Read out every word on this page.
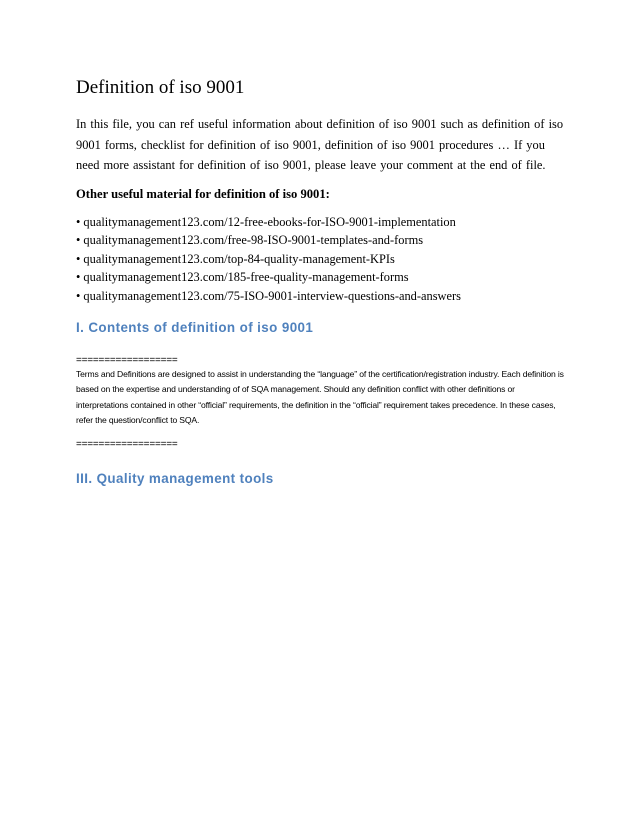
Definition of iso 9001

In this file, you can ref useful information about definition of iso 9001 such as definition of iso 9001 forms, checklist for definition of iso 9001, definition of iso 9001 procedures … If you need more assistant for definition of iso 9001, please leave your comment at the end of file.

Other useful material for definition of iso 9001:

• qualitymanagement123.com/12-free-ebooks-for-ISO-9001-implementation
• qualitymanagement123.com/free-98-ISO-9001-templates-and-forms
• qualitymanagement123.com/top-84-quality-management-KPIs
• qualitymanagement123.com/185-free-quality-management-forms
• qualitymanagement123.com/75-ISO-9001-interview-questions-and-answers
I. Contents of definition of iso 9001

==================

Terms and Definitions are designed to assist in understanding the “language” of the certification/registration industry. Each definition is based on the expertise and understanding of of SQA management. Should any definition conflict with other definitions or interpretations contained in other “official” requirements, the definition in the “official” requirement takes precedence. In these cases, refer the question/conflict to SQA.

==================

III. Quality management tools
